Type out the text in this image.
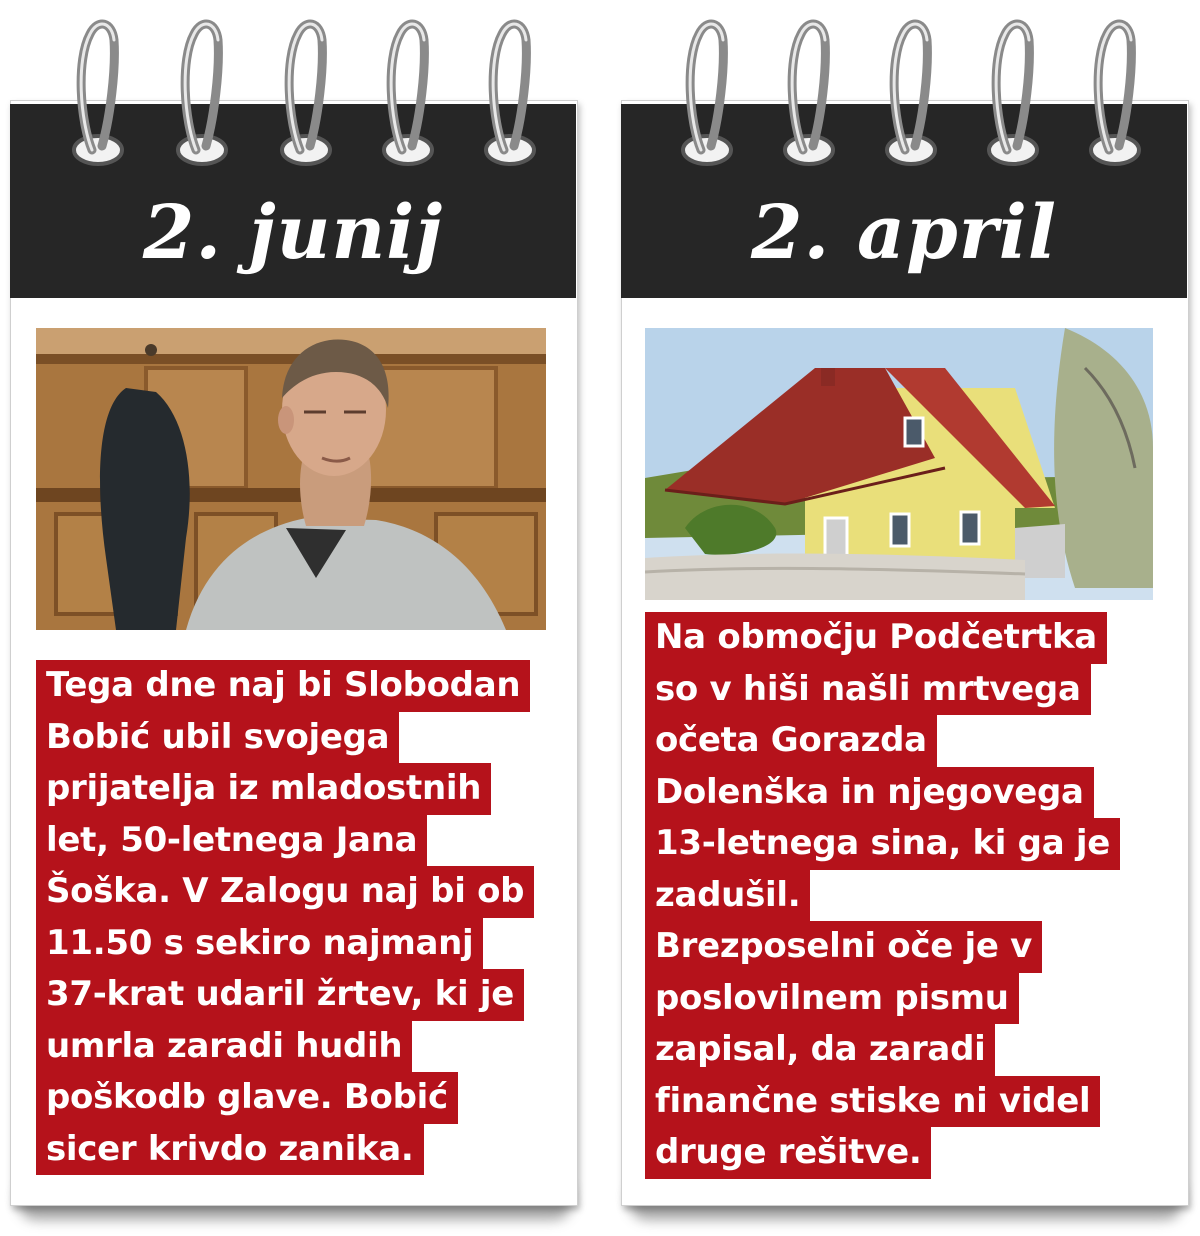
2. junij
Tega dne naj bi Slobodan
Bobić ubil svojega
prijatelja iz mladostnih
let, 50-letnega Jana
Šoška. V Zalogu naj bi ob
11.50 s sekiro najmanj
37-krat udaril žrtev, ki je
umrla zaradi hudih
poškodb glave. Bobić
sicer krivdo zanika.
2. april
Na območju Podčetrtka
so v hiši našli mrtvega
očeta Gorazda
Dolenška in njegovega
13-letnega sina, ki ga je
zadušil.
Brezposelni oče je v
poslovilnem pismu
zapisal, da zaradi
finančne stiske ni videl
druge rešitve.
